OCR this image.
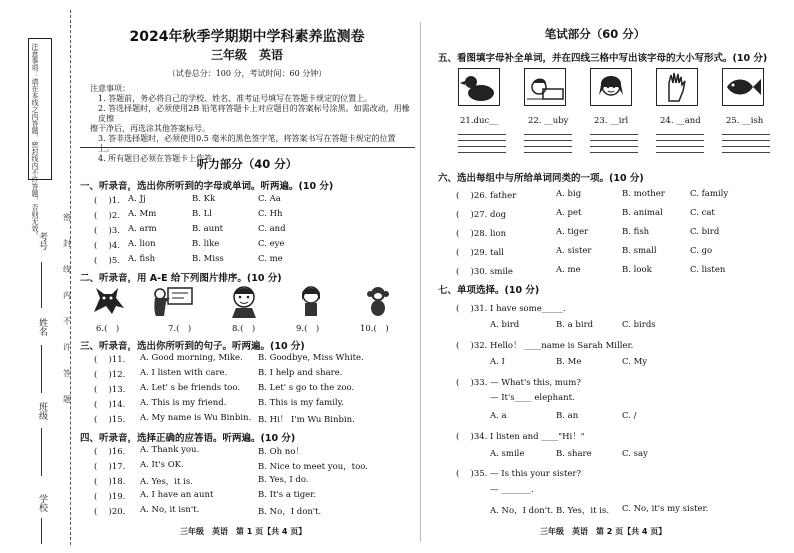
注意事项：请在本线之内答题，密封线内不许答题，否则无效。
考号
姓名
班级
学校
密
封
线
内
不
许
答
题
2024年秋季学期期中学科素养监测卷
三年级　英语
（试卷总分：100 分，考试时间：60 分钟）
注意事项：
1. 答题前，务必将自己的学校、姓名、准考证号填写在答题卡规定的位置上。
2. 答选择题时，必须使用2B 铅笔将答题卡上对应题目的答案标号涂黑。如需改动，用橡皮擦
擦干净后，再选涂其他答案标号。
3. 答非选择题时，必须使用0.5 毫米的黑色签字笔，将答案书写在答题卡规定的位置上。
4. 所有题目必须在答题卡上作答。
听力部分（40 分）
一、听录音，选出你所听到的字母或单词。听两遍。(10 分)
( 　)1. A. Jj	B. Kk	C. Aa
( 　)2. A. Mm	B. Ll	C. Hh
( 　)3. A. arm	B. aunt	C. and
( 　)4. A. lion	B. like	C. eye
( 　)5. A. fish	B. Miss	C. me
二、听录音，用 A-E 给下列图片排序。(10 分)
6.(　)	7.(　)	8.(　)	9.(　)	10.(　)
三、听录音，选出你所听到的句子。听两遍。(10 分)
( 　)11. A. Good morning, Mike. B. Goodbye, Miss White.
( 　)12. A. I listen with care.	B. I help and share.
( 　)13. A. Let' s be friends too. B. Let' s go to the zoo.
( 　)14. A. This is my friend.	B. This is my family.
( 　)15. A. My name is Wu Binbin. B. Hi！ I'm Wu Binbin.
四、听录音，选择正确的应答语。听两遍。(10 分)
( 　)16. A. Thank you.	B. Oh no！
( 　)17. A. It's OK.	B. Nice to meet you，too.
( 　)18. A. Yes，it is.	B. Yes, I do.
( 　)19. A. I have an aunt	B. It's a tiger.
( 　)20. A. No, it isn't.	B. No，I don't.
三年级　英语　第 1 页【共 4 页】
笔试部分（60 分）
五、看图填字母补全单词，并在四线三格中写出该字母的大小写形式。(10 分)
21.duc__	22. __uby	23. __irl	24. __and	25. __ish
六、选出每组中与所给单词同类的一项。(10 分)
( 　)26. father	A. big	B. mother	C. family
( 　)27. dog	A. pet	B. animal	C. cat
( 　)28. lion	A. tiger	B. fish	C. bird
( 　)29. tall	A. sister	B. small	C. go
( 　)30. smile	A. me	B. look	C. listen
七、单项选择。(10 分)
( 　)31. I have some_____.
A. bird	B. a bird	C. birds
( 　)32. Hello！ ____name is Sarah Miller.
A. I	B. Me	C. My
( 　)33. — What's this, mum?
— It's____ elephant.
A. a	B. an	C. /
( 　)34. I listen and ____"Hi！"
A. smile	B. share	C. say
( 　)35. — Is this your sister?
— _______.
A. No，I don't. B. Yes，it is. C. No, it's my sister.
三年级　英语　第 2 页【共 4 页】
